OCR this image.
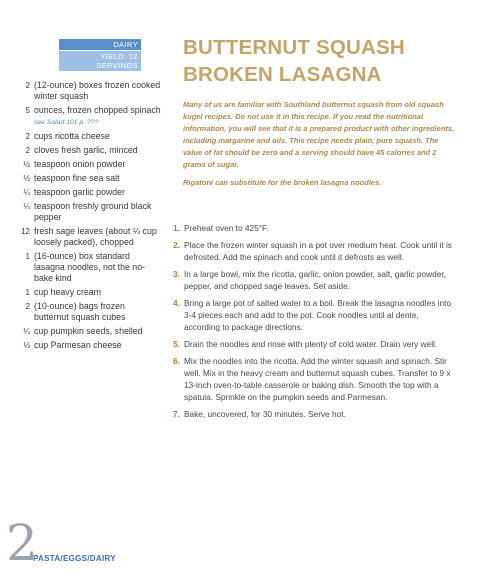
DAIRY
YIELD: 12 SERVINGS
2 (12-ounce) boxes frozen cooked winter squash
5 ounces, frozen chopped spinach see Salad 101 p. ???
2 cups ricotta cheese
2 cloves fresh garlic, minced
½ teaspoon onion powder
½ teaspoon fine sea salt
¼ teaspoon garlic powder
¼ teaspoon freshly ground black pepper
12 fresh sage leaves (about ¼ cup loosely packed), chopped
1 (16-ounce) box standard lasagna noodles, not the no-bake kind
1 cup heavy cream
2 (10-ounce) bags frozen butternut squash cubes
¼ cup pumpkin seeds, shelled
⅓ cup Parmesan cheese
BUTTERNUT SQUASH
BROKEN LASAGNA

Many of us are familiar with Southland butternut squash from old squash kugel recipes. Do not use it in this recipe. If you read the nutritional information, you will see that it is a prepared product with other ingredients, including margarine and oils. This recipe needs plain, pure squash. The value of fat should be zero and a serving should have 45 calories and 2 grams of sugar.

Rigatoni can substitute for the broken lasagna noodles.

1. Preheat oven to 425°F.
2. Place the frozen winter squash in a pot over medium heat. Cook until it is defrosted. Add the spinach and cook until it defrosts as well.
3. In a large bowl, mix the ricotta, garlic, onion powder, salt, garlic powder, pepper, and chopped sage leaves. Set aside.
4. Bring a large pot of salted water to a boil. Break the lasagna noodles into 3-4 pieces each and add to the pot. Cook noodles until al dente, according to package directions.
5. Drain the noodles and rinse with plenty of cold water. Drain very well.
6. Mix the noodles into the ricotta. Add the winter squash and spinach. Stir well. Mix in the heavy cream and butternut squash cubes. Transfer to 9 x 13-inch oven-to-table casserole or baking dish. Smooth the top with a spatula. Sprinkle on the pumpkin seeds and Parmesan.
7. Bake, uncovered, for 30 minutes. Serve hot.
2
PASTA/EGGS/DAIRY
